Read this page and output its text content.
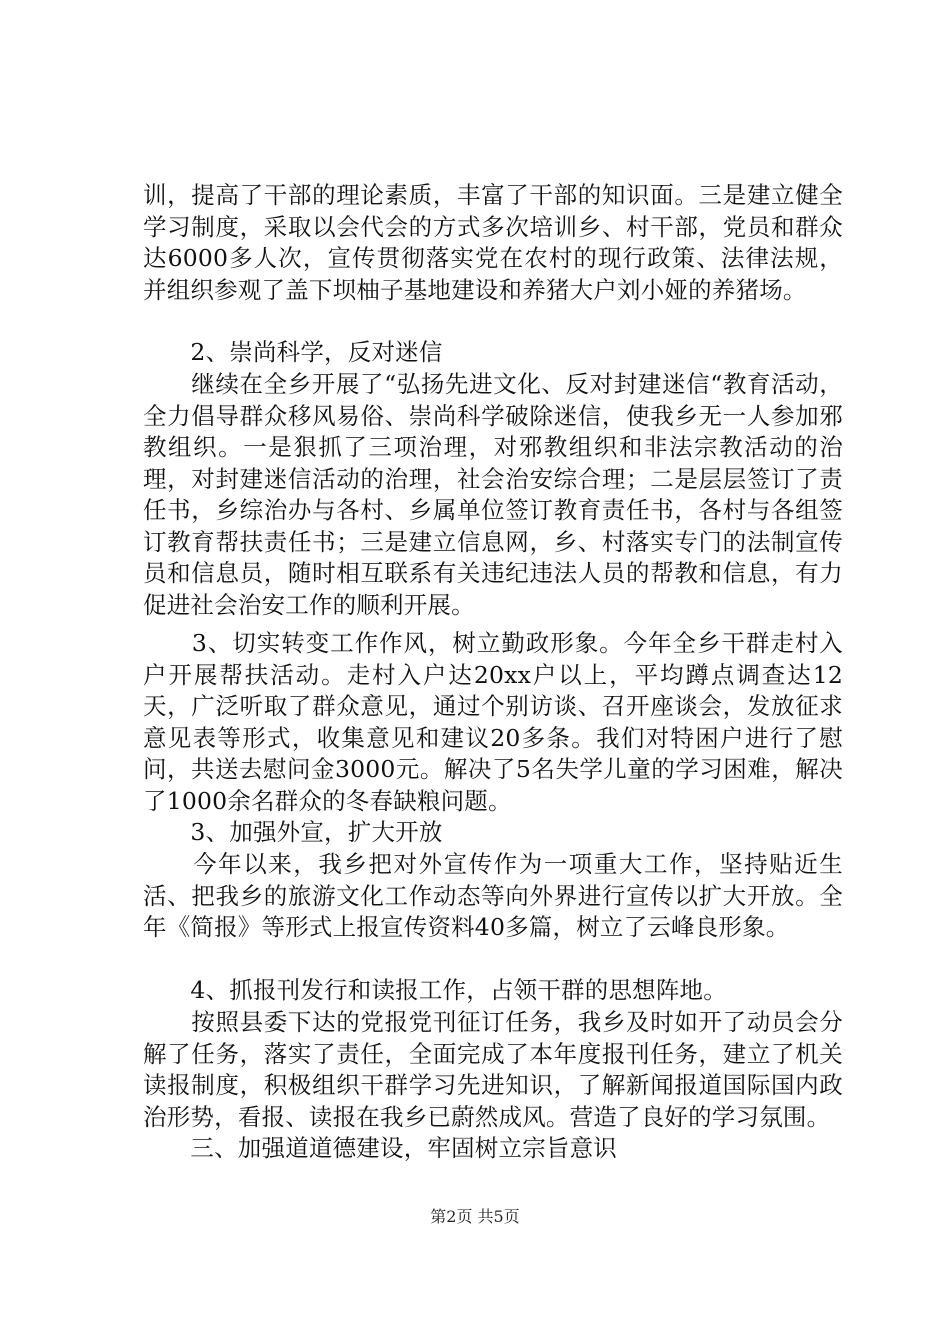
训，提高了干部的理论素质，丰富了干部的知识面。三是建立健全学习制度，采取以会代会的方式多次培训乡、村干部，党员和群众达6000多人次，宣传贯彻落实党在农村的现行政策、法律法规，并组织参观了盖下坝柚子基地建设和养猪大户刘小娅的养猪场。

　　2、崇尚科学，反对迷信

　　继续在全乡开展了“弘扬先进文化、反对封建迷信“教育活动，全力倡导群众移风易俗、崇尚科学破除迷信，使我乡无一人参加邪教组织。一是狠抓了三项治理，对邪教组织和非法宗教活动的治理，对封建迷信活动的治理，社会治安综合理；二是层层签订了责任书，乡综治办与各村、乡属单位签订教育责任书，各村与各组签订教育帮扶责任书；三是建立信息网，乡、村落实专门的法制宣传员和信息员，随时相互联系有关违纪违法人员的帮教和信息，有力促进社会治安工作的顺利开展。

　　3、切实转变工作作风，树立勤政形象。今年全乡干群走村入户开展帮扶活动。走村入户达20xx户以上，平均蹲点调查达12天，广泛听取了群众意见，通过个别访谈、召开座谈会，发放征求意见表等形式，收集意见和建议20多条。我们对特困户进行了慰问，共送去慰问金3000元。解决了5名失学儿童的学习困难，解决了1000余名群众的冬春缺粮问题。

　　3、加强外宣，扩大开放

　　今年以来，我乡把对外宣传作为一项重大工作，坚持贴近生活、把我乡的旅游文化工作动态等向外界进行宣传以扩大开放。全年《简报》等形式上报宣传资料40多篇，树立了云峰良形象。

　　4、抓报刊发行和读报工作，占领干群的思想阵地。

　　按照县委下达的党报党刊征订任务，我乡及时如开了动员会分解了任务，落实了责任，全面完成了本年度报刊任务，建立了机关读报制度，积极组织干群学习先进知识，了解新闻报道国际国内政治形势，看报、读报在我乡已蔚然成风。营造了良好的学习氛围。

　　三、加强道道德建设，牢固树立宗旨意识

第2页 共5页
